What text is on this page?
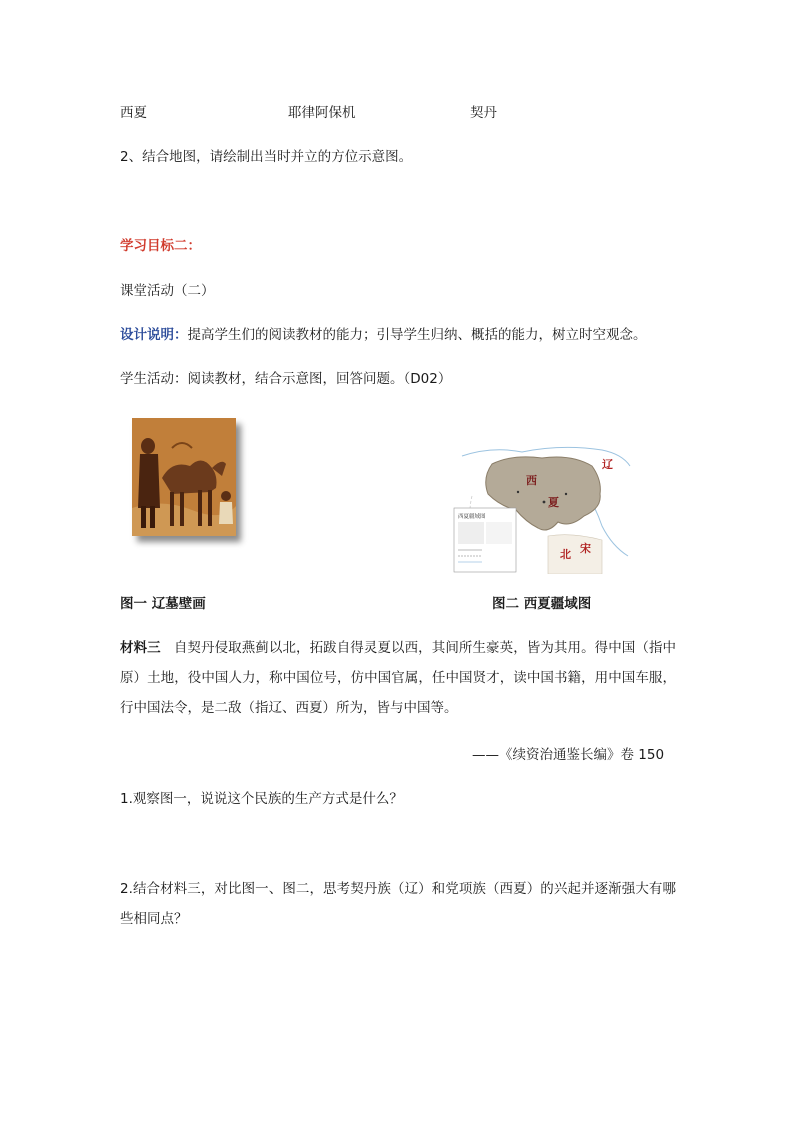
西夏	耶律阿保机	契丹
2、结合地图，请绘制出当时并立的方位示意图。
学习目标二：
课堂活动（二）
设计说明：提高学生们的阅读教材的能力；引导学生归纳、概括的能力，树立时空观念。
学生活动：阅读教材，结合示意图，回答问题。（D02）
西夏疆域图
西
夏
辽
北 宋
图一 辽墓壁画	图二 西夏疆域图
材料三 自契丹侵取燕蓟以北，拓跋自得灵夏以西，其间所生豪英，皆为其用。得中国（指中原）土地，役中国人力，称中国位号，仿中国官属，任中国贤才，读中国书籍，用中国车服，行中国法令，是二敌（指辽、西夏）所为，皆与中国等。
——《续资治通鉴长编》卷 150
1.观察图一，说说这个民族的生产方式是什么？
2.结合材料三，对比图一、图二，思考契丹族（辽）和党项族（西夏）的兴起并逐渐强大有哪些相同点？
